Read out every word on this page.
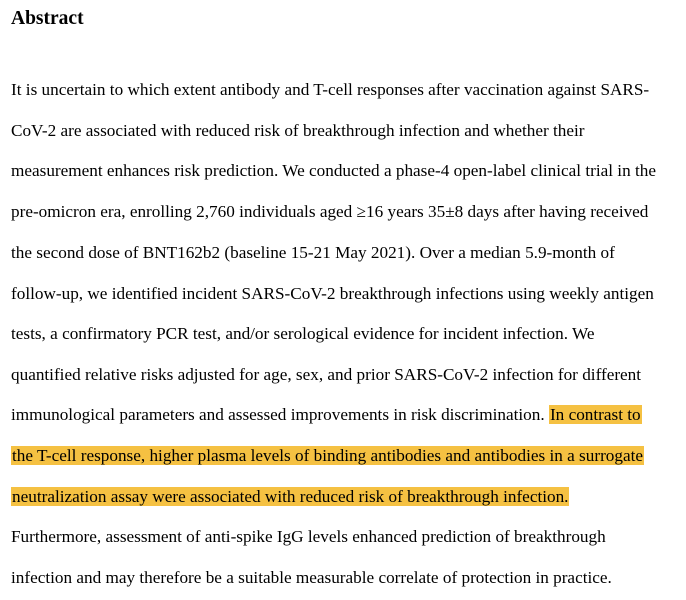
Abstract
It is uncertain to which extent antibody and T-cell responses after vaccination against SARS-
CoV-2 are associated with reduced risk of breakthrough infection and whether their
measurement enhances risk prediction. We conducted a phase-4 open-label clinical trial in the
pre-omicron era, enrolling 2,760 individuals aged ≥16 years 35±8 days after having received
the second dose of BNT162b2 (baseline 15-21 May 2021). Over a median 5.9-month of
follow-up, we identified incident SARS-CoV-2 breakthrough infections using weekly antigen
tests, a confirmatory PCR test, and/or serological evidence for incident infection. We
quantified relative risks adjusted for age, sex, and prior SARS-CoV-2 infection for different
immunological parameters and assessed improvements in risk discrimination. In contrast to
the T-cell response, higher plasma levels of binding antibodies and antibodies in a surrogate
neutralization assay were associated with reduced risk of breakthrough infection.
Furthermore, assessment of anti-spike IgG levels enhanced prediction of breakthrough
infection and may therefore be a suitable measurable correlate of protection in practice.
